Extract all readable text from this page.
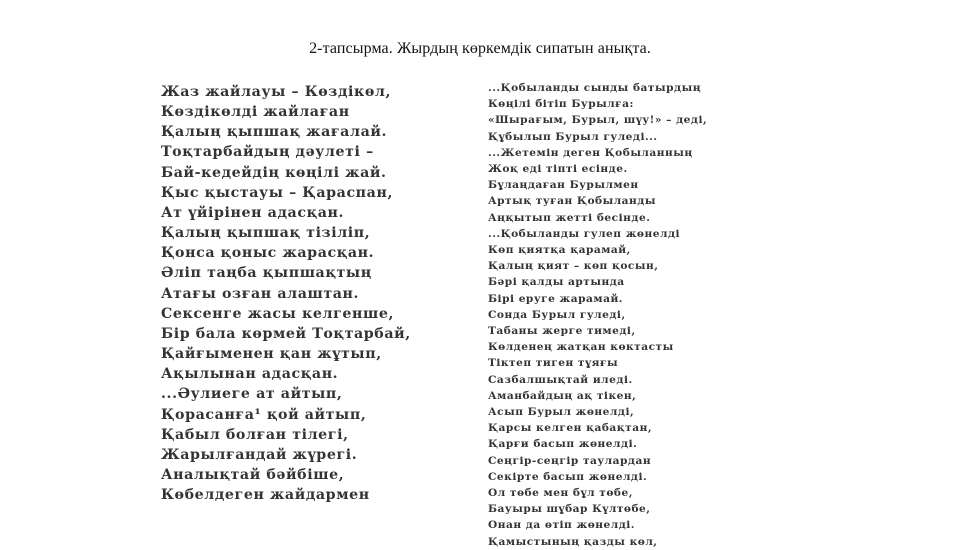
2-тапсырма. Жырдың көркемдік сипатын анықта.
Жаз жайлауы – Көздікөл,
Көздікөлді жайлаған
Қалың қыпшақ жағалай.
Тоқтарбайдың дәулеті –
Бай-кедейдің көңілі жай.
Қыс қыстауы – Қараспан,
Ат үйірінен адасқан.
Қалың қыпшақ тізіліп,
Қонса қоныс жарасқан.
Әліп таңба қыпшақтың
Атағы озған алаштан.
Сексенге жасы келгенше,
Бір бала көрмей Тоқтарбай,
Қайғыменен қан жұтып,
Ақылынан адасқан.
...Әулиеге ат айтып,
Қорасанға¹ қой айтып,
Қабыл болған тілегі,
Жарылғандай жүрегі.
Аналықтай бәйбіше,
Көбелдеген жайдармен
...Қобыланды сынды батырдың
Көңілі бітіп Бурылға:
«Шырағым, Бурыл, шүу!» – деді,
Құбылып Бурыл гуледі...
...Жетемін деген Қобыланның
Жоқ еді тіпті есінде.
Бұлаңдаған Бурылмен
Артық туған Қобыланды
Аңқытып жетті бесінде.
...Қобыланды гулеп жөнелді
Көп қиятқа қарамай,
Қалың қият – көп қосын,
Бәрі қалды артында
Бірі еруге жарамай.
Сонда Бурыл гуледі,
Табаны жерге тимеді,
Көлденең жатқан көктасты
Тіктеп тиген тұяғы
Сазбалшықтай иледі.
Аманбайдың ақ тікен,
Асып Бурыл жөнелді,
Қарсы келген қабақтан,
Қарғи басып жөнелді.
Сеңгір-сеңгір таулардан
Секірте басып жөнелді.
Ол төбе мен бұл төбе,
Бауыры шұбар Күлтөбе,
Онан да өтіп жөнелді.
Қамыстының қазды көл,
